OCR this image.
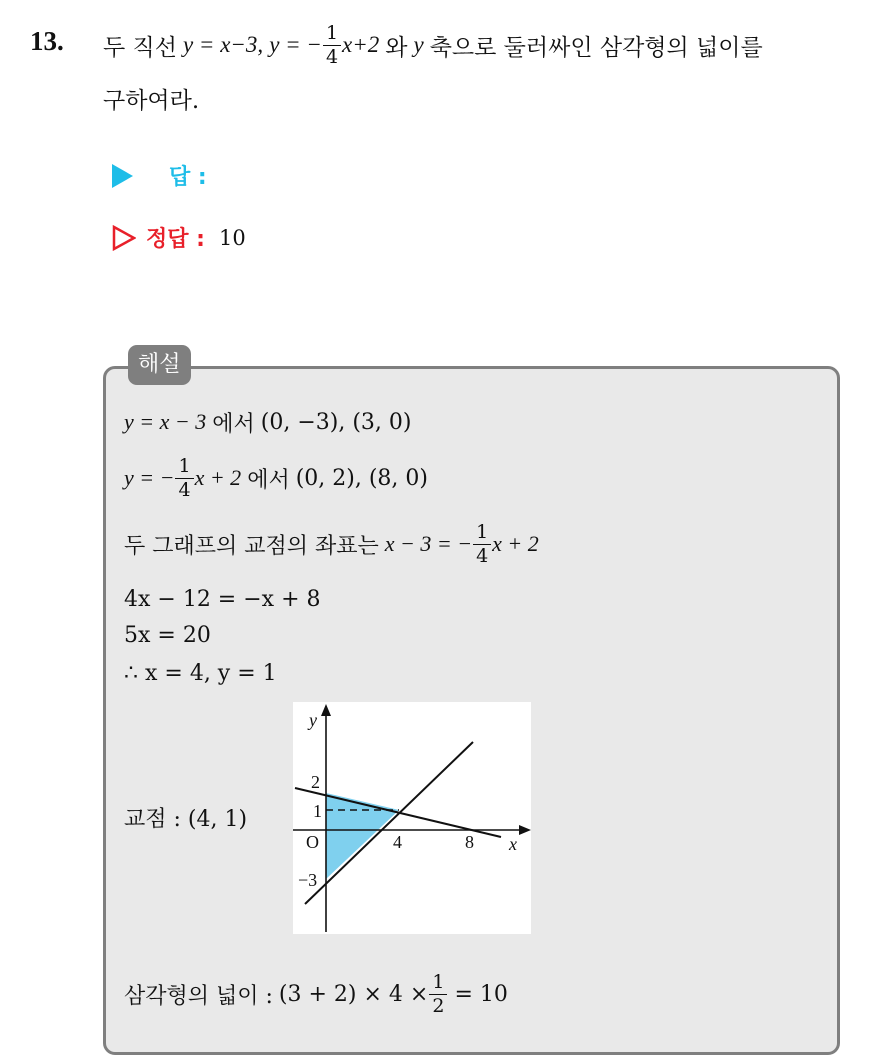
13. 두 직선 y = x−3, y = − $\frac{1}{4} x+2$ 와 y 축으로 둘러싸인 삼각형의 넓이를
구하여라.
답 :
정답 : 10
해설
y = x − 3 에서 (0, −3), (3, 0)
y = − $\frac{1}{4}$ x + 2 에서 (0, 2), (8, 0)
두 그래프의 교점의 좌표는 x − 3 = − $\frac{1}{4}$ x + 2
4x − 12 = −x + 8
5x = 20
∴ x = 4, y = 1
교점 : (4, 1)
y
x
O	4	8
2
1
−3
삼각형의 넓이 : $(3 + 2) \times 4 \times \frac{1}{2} = 10$
